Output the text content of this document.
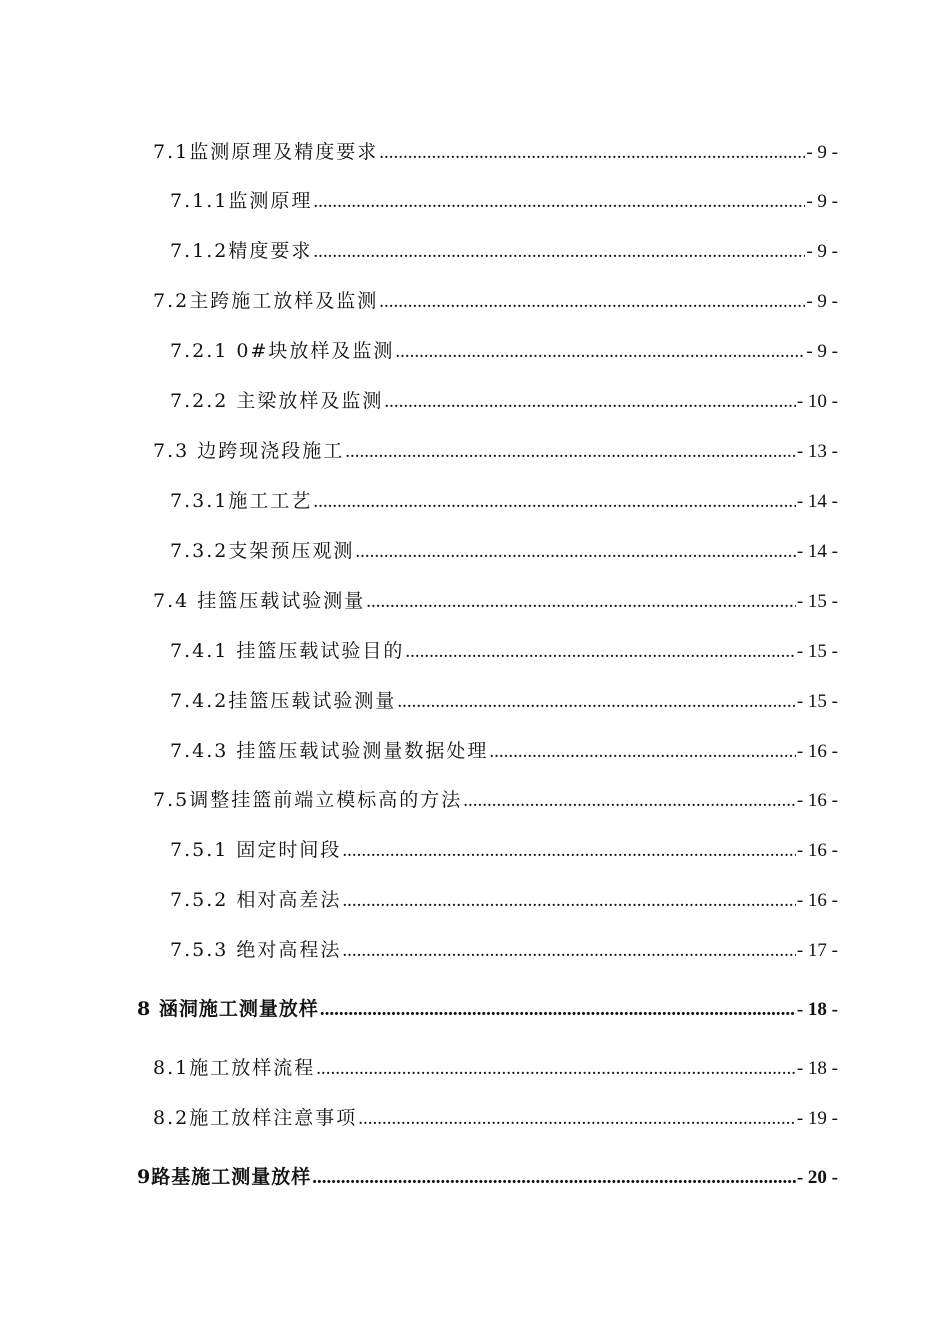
7.1监测原理及精度要求 .....	- 9 -
7.1.1监测原理 .....	- 9 -
7.1.2精度要求 .....	- 9 -
7.2主跨施工放样及监测 .....	- 9 -
7.2.1 0#块放样及监测 .....	- 9 -
7.2.2 主梁放样及监测 .....	- 10 -
7.3 边跨现浇段施工 .....	- 13 -
7.3.1施工工艺 .....	- 14 -
7.3.2支架预压观测 .....	- 14 -
7.4 挂篮压载试验测量 .....	- 15 -
7.4.1 挂篮压载试验目的 .....	- 15 -
7.4.2挂篮压载试验测量 .....	- 15 -
7.4.3 挂篮压载试验测量数据处理 .....	- 16 -
7.5调整挂篮前端立模标高的方法 .....	- 16 -
7.5.1 固定时间段 .....	- 16 -
7.5.2 相对高差法 .....	- 16 -
7.5.3 绝对高程法 .....	- 17 -
8 涵洞施工测量放样 .....	- 18 -
8.1施工放样流程 .....	- 18 -
8.2施工放样注意事项 .....	- 19 -
9路基施工测量放样 .....	- 20 -
